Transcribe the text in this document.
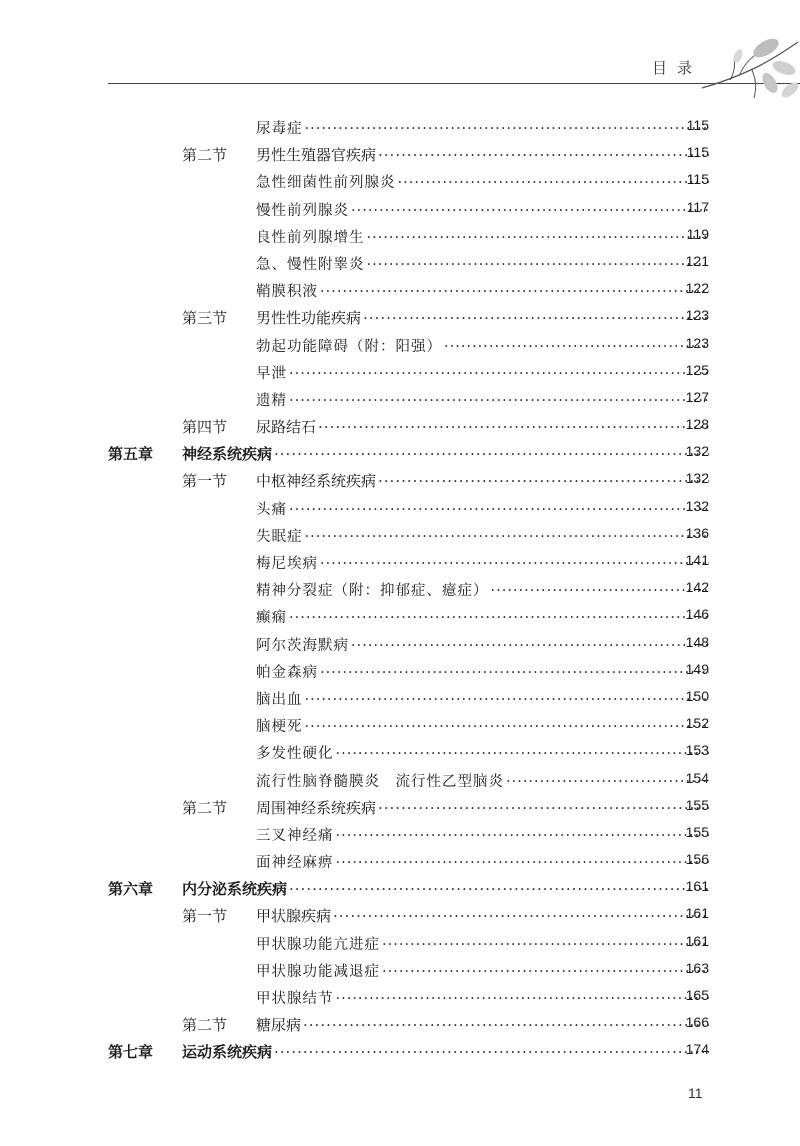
目录
尿毒症 ·····	115
第二节 男性生殖器官疾病 ·····	115
急性细菌性前列腺炎 ·····	115
慢性前列腺炎 ·····	117
良性前列腺增生 ·····	119
急、慢性附睾炎 ·····	121
鞘膜积液 ·····	122
第三节 男性性功能疾病 ·····	123
勃起功能障碍（附：阳强） ·····	123
早泄 ·····	125
遗精 ·····	127
第四节 尿路结石 ·····	128
第五章 神经系统疾病 ·····	132
第一节 中枢神经系统疾病 ·····	132
头痛 ·····	132
失眠症 ·····	136
梅尼埃病 ·····	141
精神分裂症（附：抑郁症、癔症） ·····	142
癫痫 ·····	146
阿尔茨海默病 ·····	148
帕金森病 ·····	149
脑出血 ·····	150
脑梗死 ·····	152
多发性硬化 ·····	153
流行性脑脊髓膜炎　流行性乙型脑炎 ·····	154
第二节 周围神经系统疾病 ·····	155
三叉神经痛 ·····	155
面神经麻痹 ·····	156
第六章 内分泌系统疾病 ·····	161
第一节 甲状腺疾病 ·····	161
甲状腺功能亢进症 ·····	161
甲状腺功能减退症 ·····	163
甲状腺结节 ·····	165
第二节 糖尿病 ·····	166
第七章 运动系统疾病 ·····	174
11
